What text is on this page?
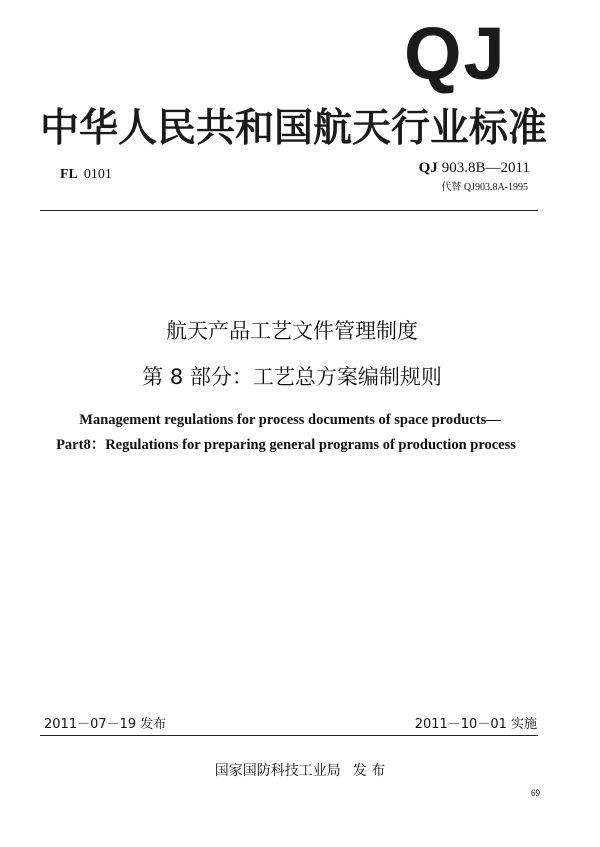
QJ
中华人民共和国航天行业标准
FL 0101	QJ 903.8B—2011
代替 QJ903.8A-1995
航天产品工艺文件管理制度
第 8 部分：工艺总方案编制规则
Management regulations for process documents of space products—
Part8：Regulations for preparing general programs of production process
2011－07－19 发布	2011－10－01 实施
国家国防科技工业局 发 布
69
